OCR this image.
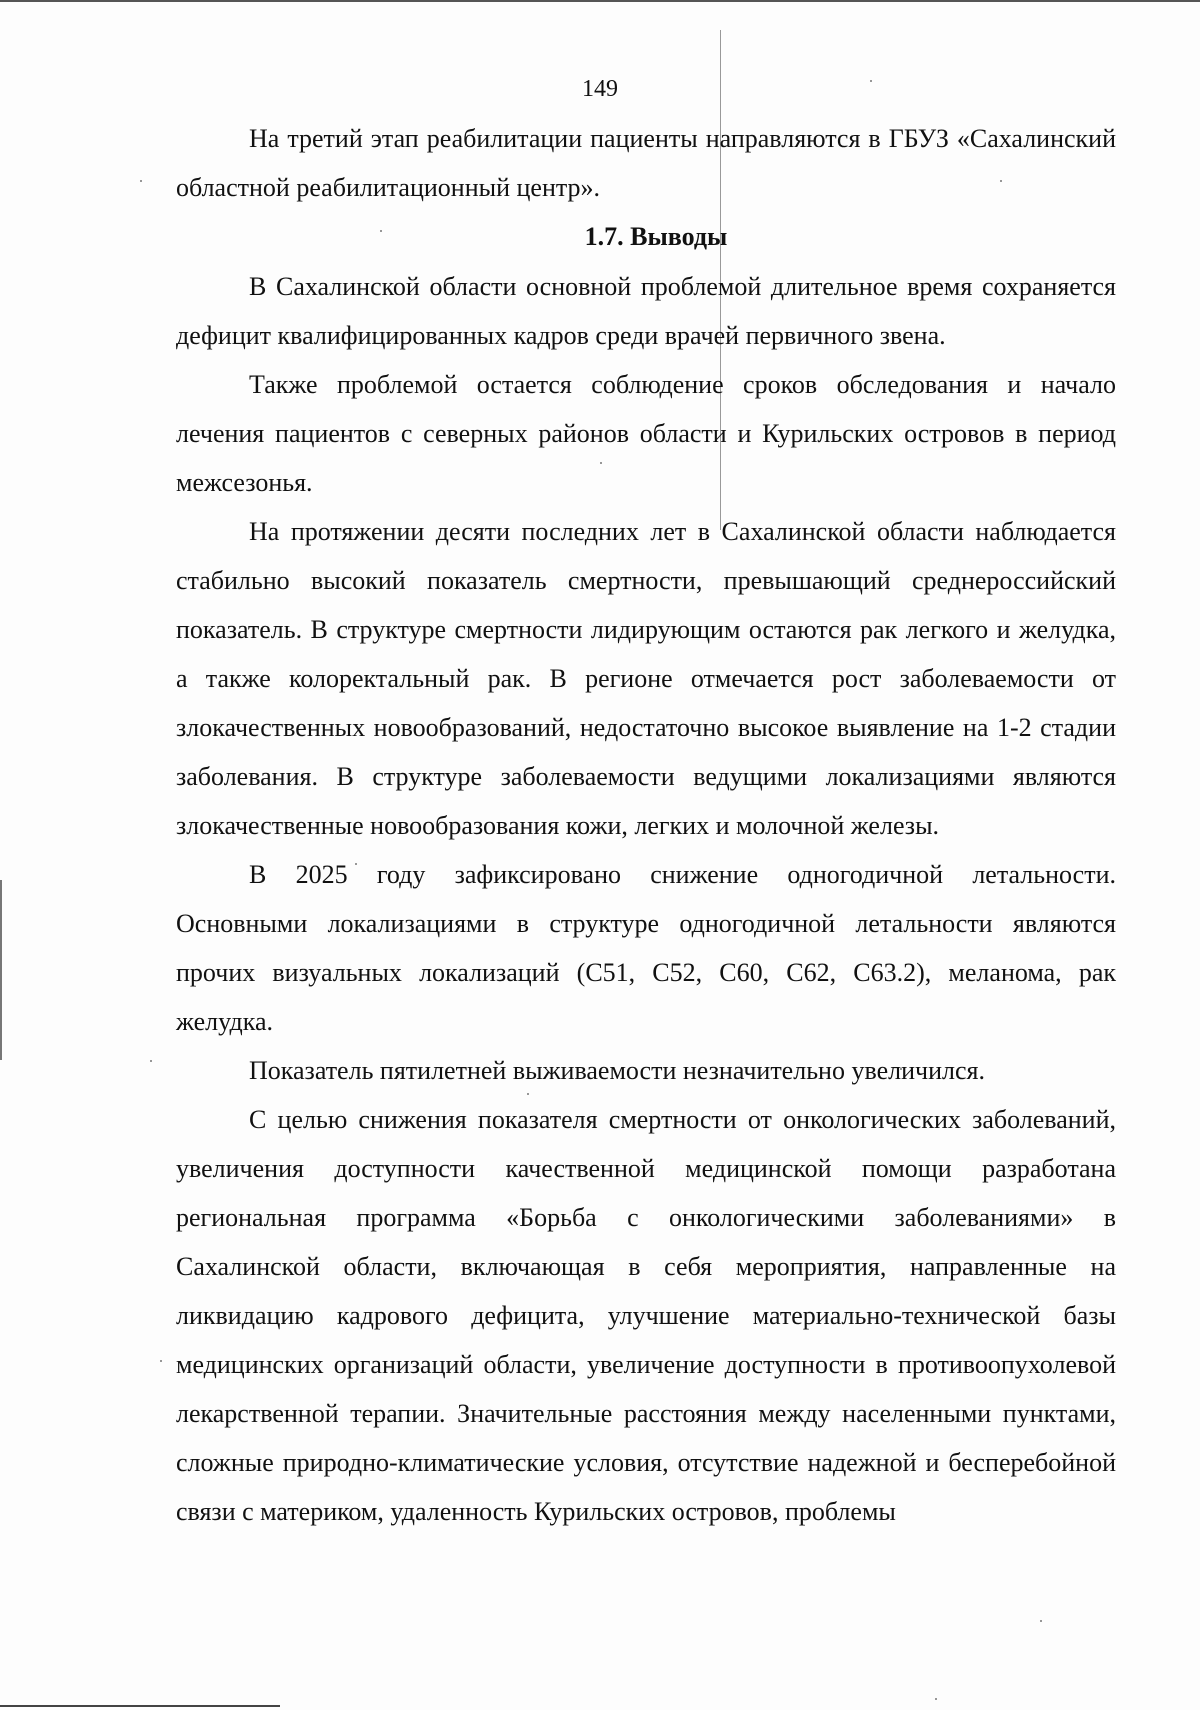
149

На третий этап реабилитации пациенты направляются в ГБУЗ «Сахалинский областной реабилитационный центр».

1.7. Выводы

В Сахалинской области основной проблемой длительное время сохраняется дефицит квалифицированных кадров среди врачей первичного звена.

Также проблемой остается соблюдение сроков обследования и начало лечения пациентов с северных районов области и Курильских островов в период межсезонья.

На протяжении десяти последних лет в Сахалинской области наблюдается стабильно высокий показатель смертности, превышающий среднероссийский показатель. В структуре смертности лидирующим остаются рак легкого и желудка, а также колоректальный рак. В регионе отмечается рост заболеваемости от злокачественных новообразований, недостаточно высокое выявление на 1-2 стадии заболевания. В структуре заболеваемости ведущими локализациями являются злокачественные новообразования кожи, легких и молочной железы.

В 2025 году зафиксировано снижение одногодичной летальности. Основными локализациями в структуре одногодичной летальности являются прочих визуальных локализаций (С51, С52, С60, С62, С63.2), меланома, рак желудка.

Показатель пятилетней выживаемости незначительно увеличился.

С целью снижения показателя смертности от онкологических заболеваний, увеличения доступности качественной медицинской помощи разработана региональная программа «Борьба с онкологическими заболеваниями» в Сахалинской области, включающая в себя мероприятия, направленные на ликвидацию кадрового дефицита, улучшение материально-технической базы медицинских организаций области, увеличение доступности в противоопухолевой лекарственной терапии. Значительные расстояния между населенными пунктами, сложные природно-климатические условия, отсутствие надежной и бесперебойной связи с материком, удаленность Курильских островов, проблемы
